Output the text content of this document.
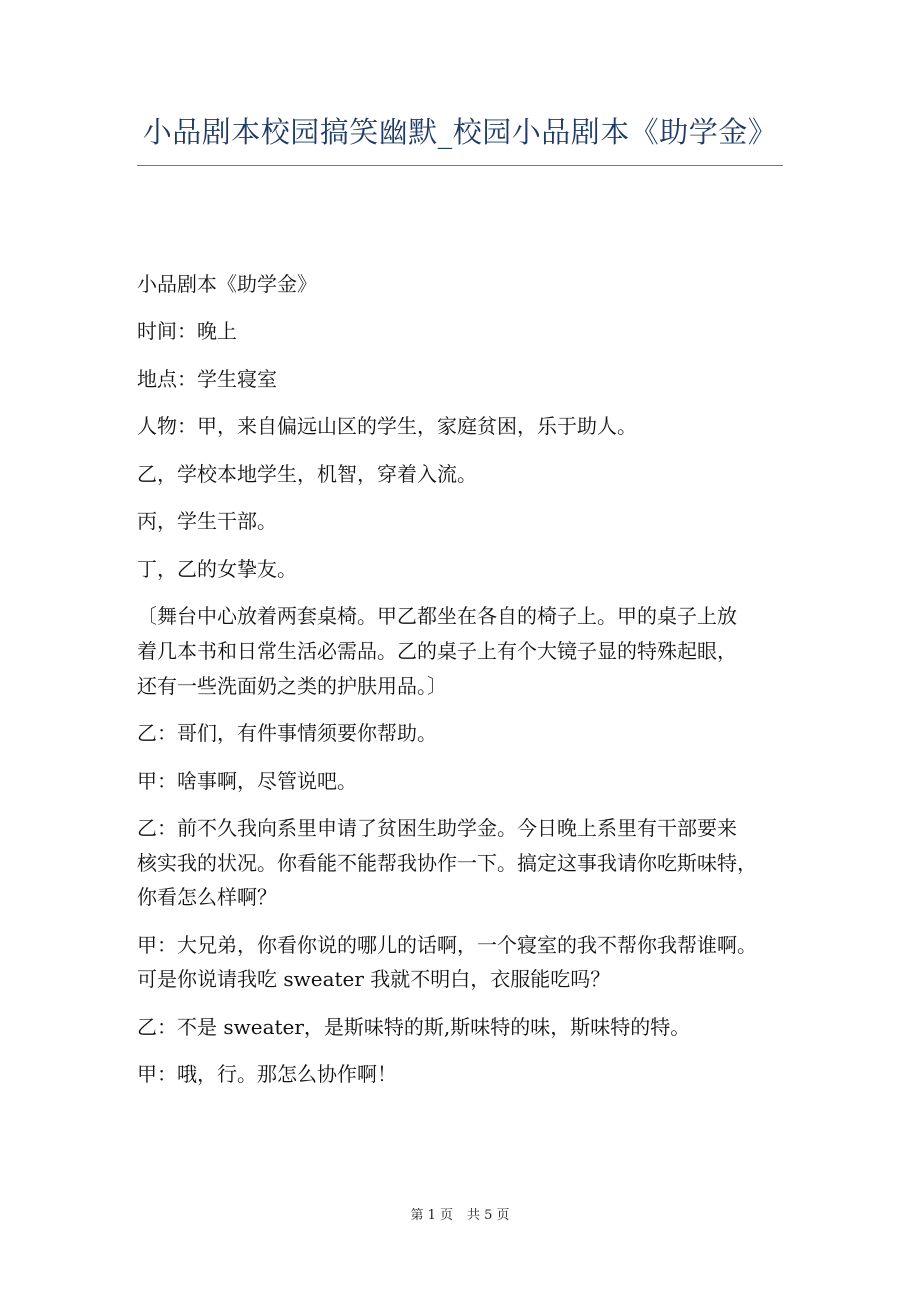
小品剧本校园搞笑幽默_校园小品剧本《助学金》
小品剧本《助学金》
时间：晚上
地点：学生寝室
人物：甲，来自偏远山区的学生，家庭贫困，乐于助人。
乙，学校本地学生，机智，穿着入流。
丙，学生干部。
丁，乙的女挚友。
〔舞台中心放着两套桌椅。甲乙都坐在各自的椅子上。甲的桌子上放
着几本书和日常生活必需品。乙的桌子上有个大镜子显的特殊起眼，
还有一些洗面奶之类的护肤用品。〕
乙：哥们，有件事情须要你帮助。
甲：啥事啊，尽管说吧。
乙：前不久我向系里申请了贫困生助学金。今日晚上系里有干部要来
核实我的状况。你看能不能帮我协作一下。搞定这事我请你吃斯味特，
你看怎么样啊？
甲：大兄弟，你看你说的哪儿的话啊，一个寝室的我不帮你我帮谁啊。
可是你说请我吃 sweater 我就不明白，衣服能吃吗？
乙：不是 sweater，是斯味特的斯,斯味特的味，斯味特的特。
甲：哦，行。那怎么协作啊！
第 1 页 共 5 页
